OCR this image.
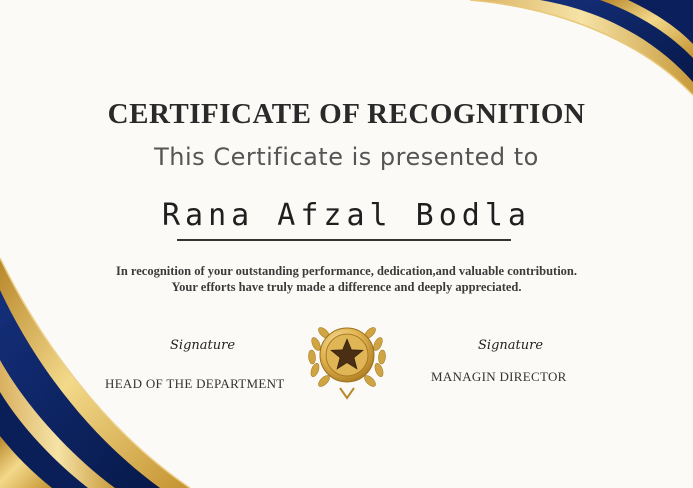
CERTIFICATE OF RECOGNITION
This Certificate is presented to
Rana Afzal Bodla
In recognition of your outstanding performance, dedication,and valuable contribution.
Your efforts have truly made a difference and deeply appreciated.
Signature
HEAD OF THE DEPARTMENT
Signature
MANAGIN DIRECTOR
